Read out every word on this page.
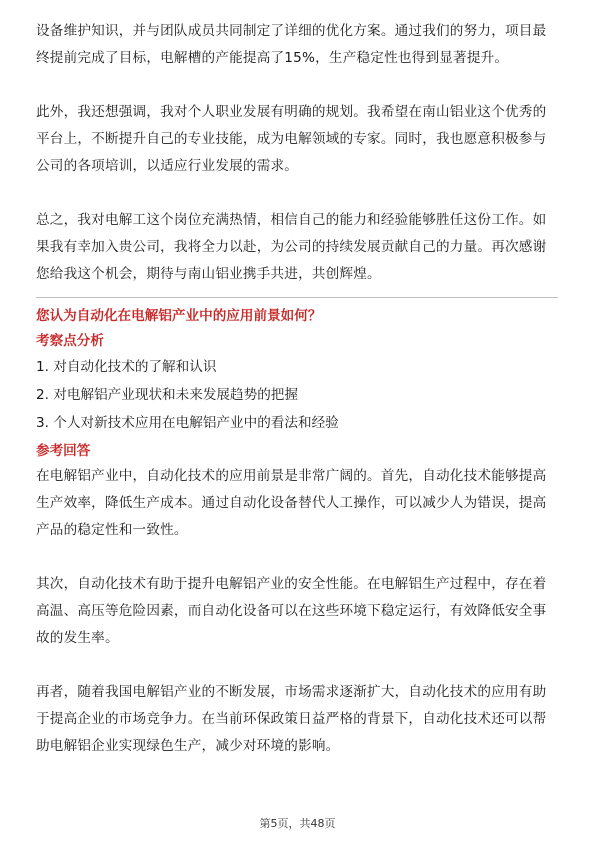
设备维护知识，并与团队成员共同制定了详细的优化方案。通过我们的努力，项目最终提前完成了目标，电解槽的产能提高了15%，生产稳定性也得到显著提升。

此外，我还想强调，我对个人职业发展有明确的规划。我希望在南山铝业这个优秀的平台上，不断提升自己的专业技能，成为电解领域的专家。同时，我也愿意积极参与公司的各项培训，以适应行业发展的需求。

总之，我对电解工这个岗位充满热情，相信自己的能力和经验能够胜任这份工作。如果我有幸加入贵公司，我将全力以赴，为公司的持续发展贡献自己的力量。再次感谢您给我这个机会，期待与南山铝业携手共进，共创辉煌。

您认为自动化在电解铝产业中的应用前景如何？

考察点分析

1. 对自动化技术的了解和认识

2. 对电解铝产业现状和未来发展趋势的把握

3. 个人对新技术应用在电解铝产业中的看法和经验

参考回答

在电解铝产业中，自动化技术的应用前景是非常广阔的。首先，自动化技术能够提高生产效率，降低生产成本。通过自动化设备替代人工操作，可以减少人为错误，提高产品的稳定性和一致性。

其次，自动化技术有助于提升电解铝产业的安全性能。在电解铝生产过程中，存在着高温、高压等危险因素，而自动化设备可以在这些环境下稳定运行，有效降低安全事故的发生率。

再者，随着我国电解铝产业的不断发展，市场需求逐渐扩大，自动化技术的应用有助于提高企业的市场竞争力。在当前环保政策日益严格的背景下，自动化技术还可以帮助电解铝企业实现绿色生产，减少对环境的影响。

第5页，共48页
